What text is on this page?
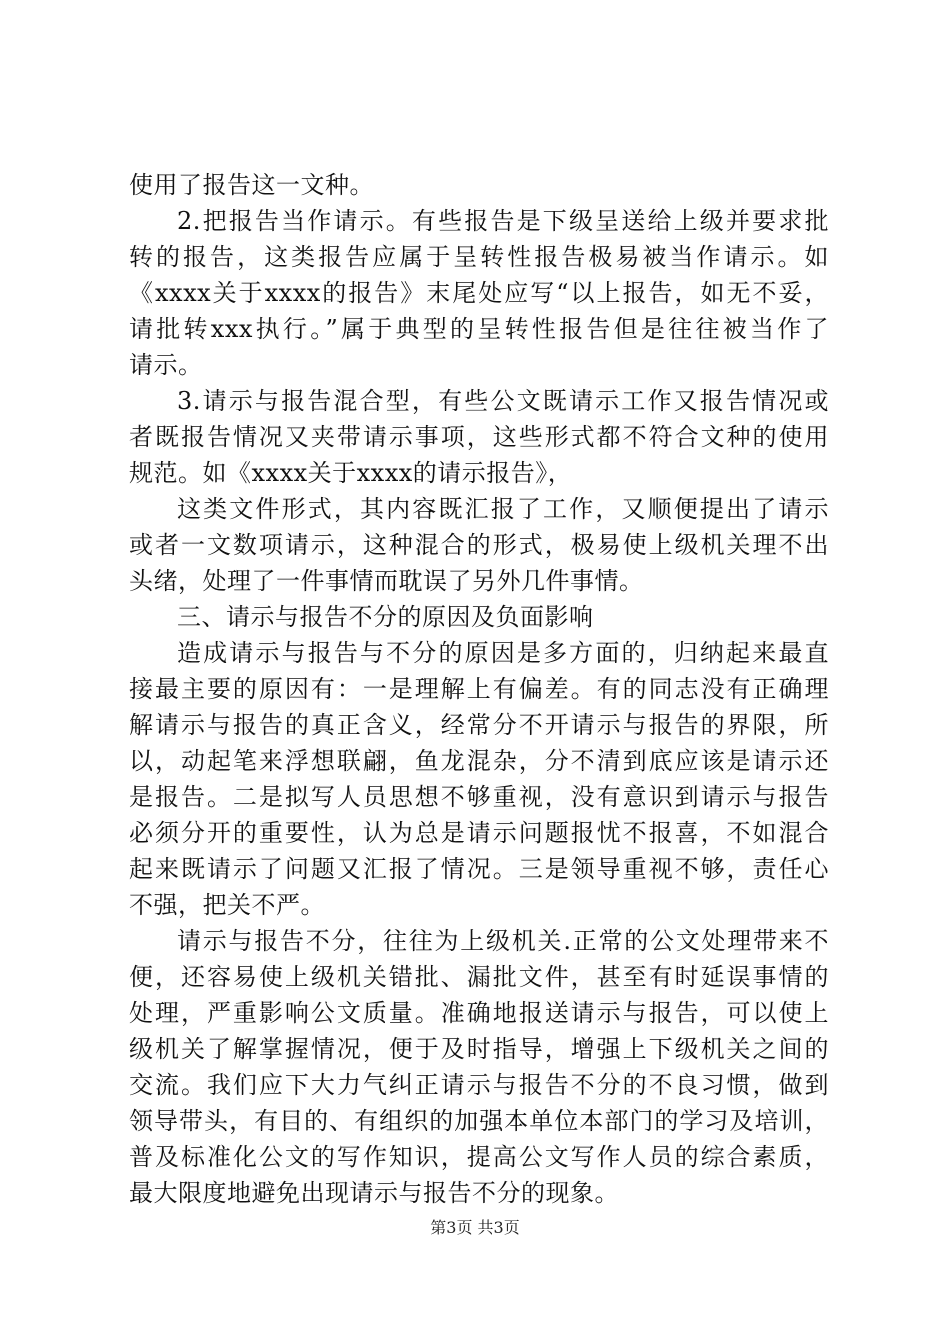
使用了报告这一文种。
2.把报告当作请示。有些报告是下级呈送给上级并要求批
转的报告，这类报告应属于呈转性报告极易被当作请示。如
《xxxx关于xxxx的报告》末尾处应写“以上报告，如无不妥，
请批转xxx执行。”属于典型的呈转性报告但是往往被当作了
请示。
3.请示与报告混合型，有些公文既请示工作又报告情况或
者既报告情况又夹带请示事项，这些形式都不符合文种的使用
规范。如《xxxx关于xxxx的请示报告》，
这类文件形式，其内容既汇报了工作，又顺便提出了请示
或者一文数项请示，这种混合的形式，极易使上级机关理不出
头绪，处理了一件事情而耽误了另外几件事情。
三、请示与报告不分的原因及负面影响
造成请示与报告与不分的原因是多方面的，归纳起来最直
接最主要的原因有：一是理解上有偏差。有的同志没有正确理
解请示与报告的真正含义，经常分不开请示与报告的界限，所
以，动起笔来浮想联翩，鱼龙混杂，分不清到底应该是请示还
是报告。二是拟写人员思想不够重视，没有意识到请示与报告
必须分开的重要性，认为总是请示问题报忧不报喜，不如混合
起来既请示了问题又汇报了情况。三是领导重视不够，责任心
不强，把关不严。
请示与报告不分，往往为上级机关.正常的公文处理带来不
便，还容易使上级机关错批、漏批文件，甚至有时延误事情的
处理，严重影响公文质量。准确地报送请示与报告，可以使上
级机关了解掌握情况，便于及时指导，增强上下级机关之间的
交流。我们应下大力气纠正请示与报告不分的不良习惯，做到
领导带头，有目的、有组织的加强本单位本部门的学习及培训，
普及标准化公文的写作知识，提高公文写作人员的综合素质，
最大限度地避免出现请示与报告不分的现象。
第3页 共3页
